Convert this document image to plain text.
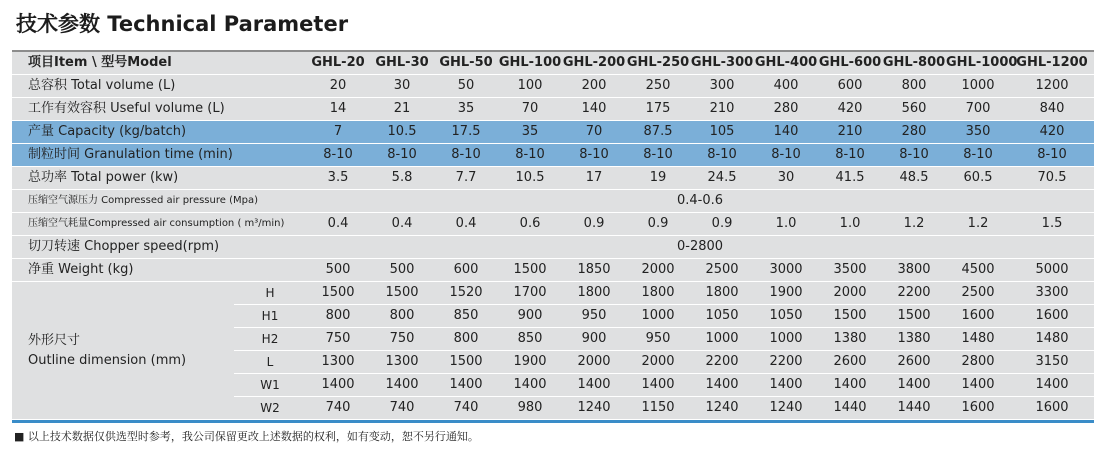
技术参数 Technical Parameter
项目Item \ 型号Model		GHL-20	GHL-30	GHL-50	GHL-100	GHL-200	GHL-250	GHL-300	GHL-400	GHL-600	GHL-800	GHL-1000	GHL-1200
总容积 Total volume (L)		20	30	50	100	200	250	300	400	600	800	1000	1200
工作有效容积 Useful volume (L)		14	21	35	70	140	175	210	280	420	560	700	840
产量 Capacity (kg/batch)		7	10.5	17.5	35	70	87.5	105	140	210	280	350	420
制粒时间 Granulation time (min)		8-10	8-10	8-10	8-10	8-10	8-10	8-10	8-10	8-10	8-10	8-10	8-10
总功率 Total power (kw)		3.5	5.8	7.7	10.5	17	19	24.5	30	41.5	48.5	60.5	70.5
压缩空气源压力 Compressed air pressure (Mpa)		0.4-0.6											
压缩空气耗量Compressed air consumption ( m³/min)		0.4	0.4	0.4	0.6	0.9	0.9	0.9	1.0	1.0	1.2	1.2	1.5
切刀转速 Chopper speed(rpm)		0-2800											
净重 Weight (kg)		500	500	600	1500	1850	2000	2500	3000	3500	3800	4500	5000

外形尺寸
Outline dimension (mm)	H	1500	1500	1520	1700	1800	1800	1800	1900	2000	2200	2500	3300
	H1	800	800	850	900	950	1000	1050	1050	1500	1500	1600	1600
	H2	750	750	800	850	900	950	1000	1000	1380	1380	1480	1480
	L	1300	1300	1500	1900	2000	2000	2200	2200	2600	2600	2800	3150
	W1	1400	1400	1400	1400	1400	1400	1400	1400	1400	1400	1400	1400
	W2	740	740	740	980	1240	1150	1240	1240	1440	1440	1600	1600
■ 以上技术数据仅供选型时参考，我公司保留更改上述数据的权利，如有变动，恕不另行通知。
